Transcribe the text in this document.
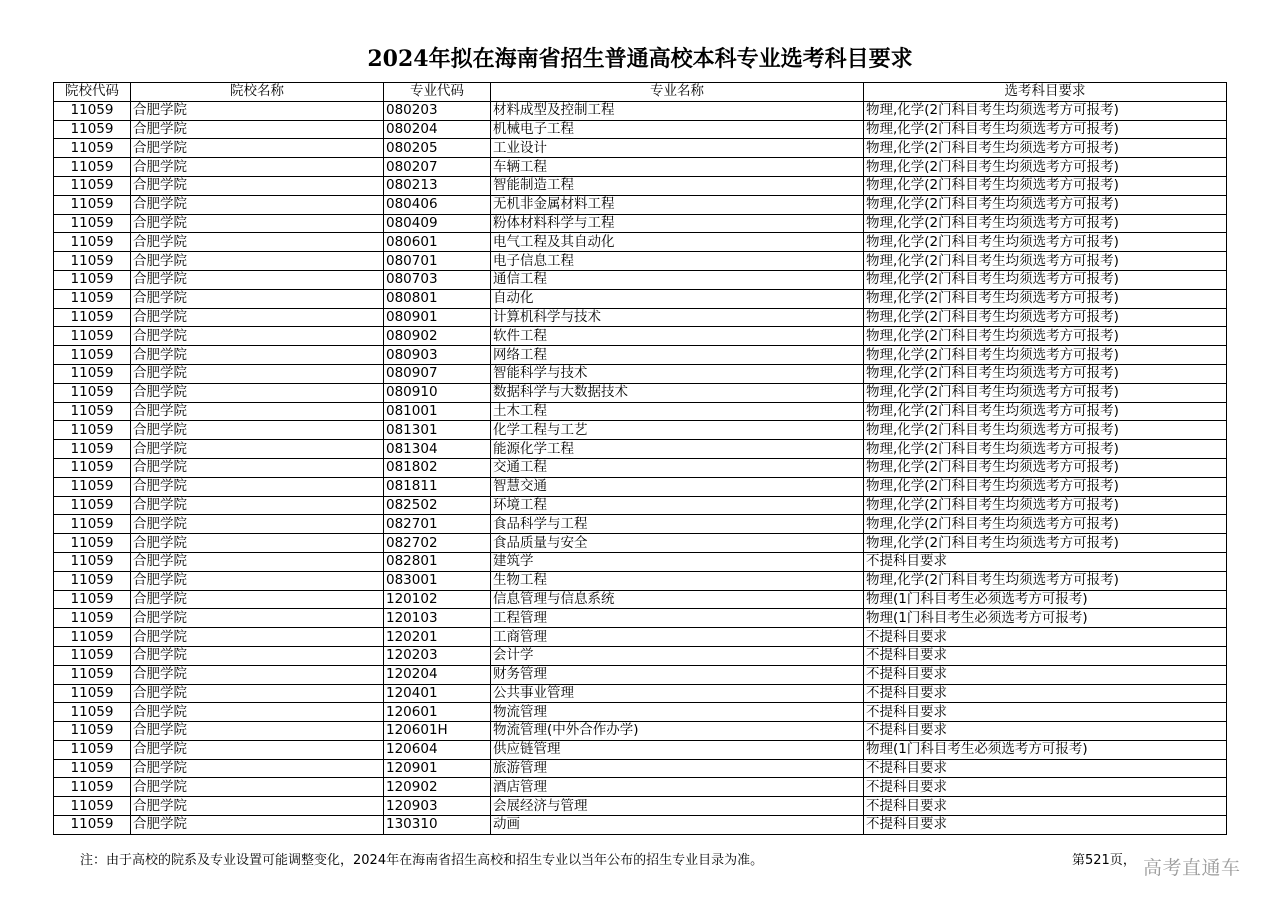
2024年拟在海南省招生普通高校本科专业选考科目要求
院校代码	院校名称	专业代码	专业名称	选考科目要求
11059	合肥学院	080203	材料成型及控制工程	物理,化学(2门科目考生均须选考方可报考)
11059	合肥学院	080204	机械电子工程	物理,化学(2门科目考生均须选考方可报考)
11059	合肥学院	080205	工业设计	物理,化学(2门科目考生均须选考方可报考)
11059	合肥学院	080207	车辆工程	物理,化学(2门科目考生均须选考方可报考)
11059	合肥学院	080213	智能制造工程	物理,化学(2门科目考生均须选考方可报考)
11059	合肥学院	080406	无机非金属材料工程	物理,化学(2门科目考生均须选考方可报考)
11059	合肥学院	080409	粉体材料科学与工程	物理,化学(2门科目考生均须选考方可报考)
11059	合肥学院	080601	电气工程及其自动化	物理,化学(2门科目考生均须选考方可报考)
11059	合肥学院	080701	电子信息工程	物理,化学(2门科目考生均须选考方可报考)
11059	合肥学院	080703	通信工程	物理,化学(2门科目考生均须选考方可报考)
11059	合肥学院	080801	自动化	物理,化学(2门科目考生均须选考方可报考)
11059	合肥学院	080901	计算机科学与技术	物理,化学(2门科目考生均须选考方可报考)
11059	合肥学院	080902	软件工程	物理,化学(2门科目考生均须选考方可报考)
11059	合肥学院	080903	网络工程	物理,化学(2门科目考生均须选考方可报考)
11059	合肥学院	080907	智能科学与技术	物理,化学(2门科目考生均须选考方可报考)
11059	合肥学院	080910	数据科学与大数据技术	物理,化学(2门科目考生均须选考方可报考)
11059	合肥学院	081001	土木工程	物理,化学(2门科目考生均须选考方可报考)
11059	合肥学院	081301	化学工程与工艺	物理,化学(2门科目考生均须选考方可报考)
11059	合肥学院	081304	能源化学工程	物理,化学(2门科目考生均须选考方可报考)
11059	合肥学院	081802	交通工程	物理,化学(2门科目考生均须选考方可报考)
11059	合肥学院	081811	智慧交通	物理,化学(2门科目考生均须选考方可报考)
11059	合肥学院	082502	环境工程	物理,化学(2门科目考生均须选考方可报考)
11059	合肥学院	082701	食品科学与工程	物理,化学(2门科目考生均须选考方可报考)
11059	合肥学院	082702	食品质量与安全	物理,化学(2门科目考生均须选考方可报考)
11059	合肥学院	082801	建筑学	不提科目要求
11059	合肥学院	083001	生物工程	物理,化学(2门科目考生均须选考方可报考)
11059	合肥学院	120102	信息管理与信息系统	物理(1门科目考生必须选考方可报考)
11059	合肥学院	120103	工程管理	物理(1门科目考生必须选考方可报考)
11059	合肥学院	120201	工商管理	不提科目要求
11059	合肥学院	120203	会计学	不提科目要求
11059	合肥学院	120204	财务管理	不提科目要求
11059	合肥学院	120401	公共事业管理	不提科目要求
11059	合肥学院	120601	物流管理	不提科目要求
11059	合肥学院	120601H	物流管理(中外合作办学)	不提科目要求
11059	合肥学院	120604	供应链管理	物理(1门科目考生必须选考方可报考)
11059	合肥学院	120901	旅游管理	不提科目要求
11059	合肥学院	120902	酒店管理	不提科目要求
11059	合肥学院	120903	会展经济与管理	不提科目要求
11059	合肥学院	130310	动画	不提科目要求
注：由于高校的院系及专业设置可能调整变化，2024年在海南省招生高校和招生专业以当年公布的招生专业目录为准。	第521页， 高考直通车
